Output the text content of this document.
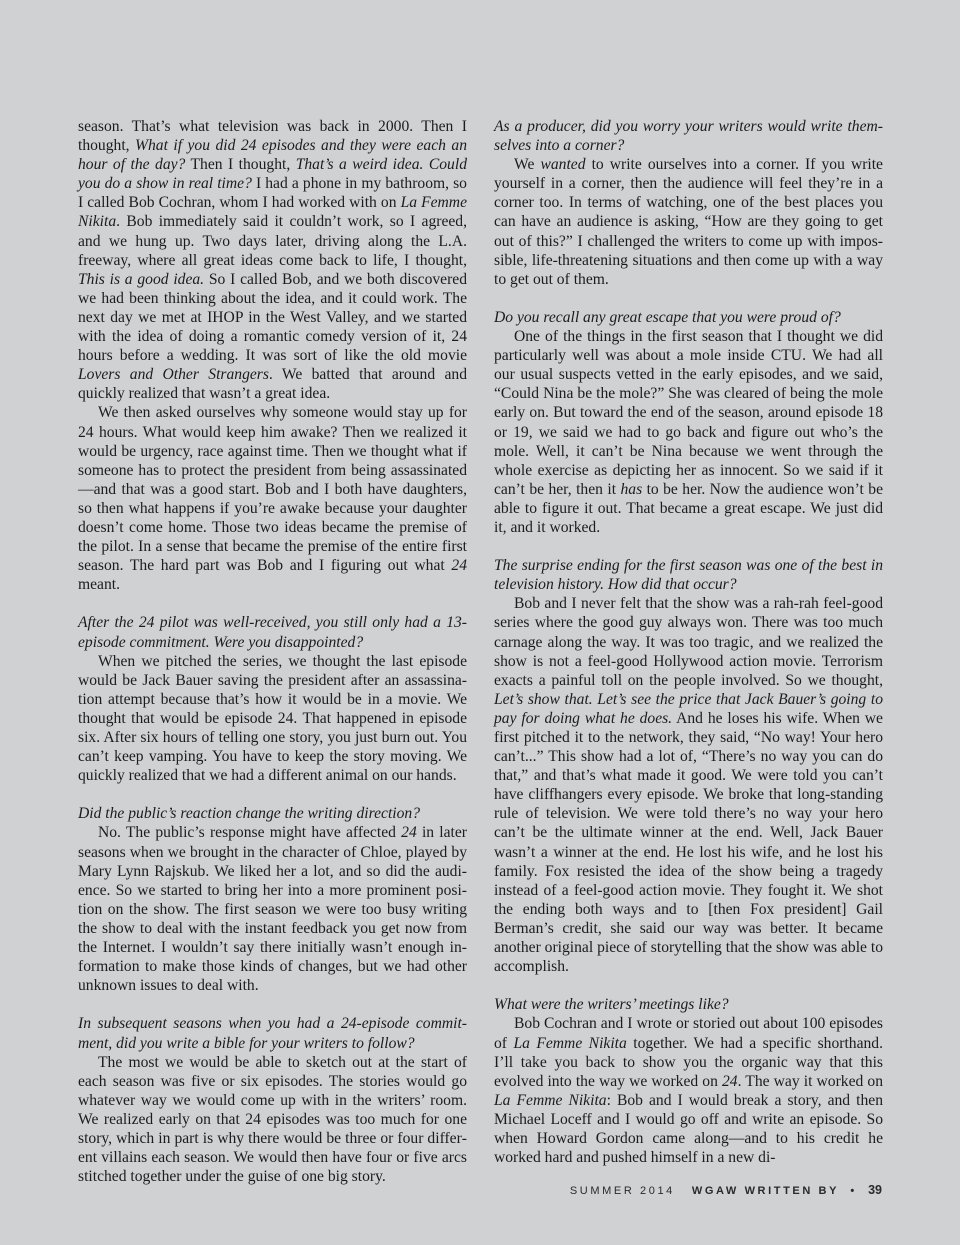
season. That’s what television was back in 2000. Then I thought, What if you did 24 episodes and they were each an hour of the day? Then I thought, That’s a weird idea. Could you do a show in real time? I had a phone in my bathroom, so I called Bob Cochran, whom I had worked with on La Femme Nikita. Bob immediately said it couldn’t work, so I agreed, and we hung up. Two days later, driving along the L.A. freeway, where all great ideas come back to life, I thought, This is a good idea. So I called Bob, and we both discovered we had been thinking about the idea, and it could work. The next day we met at IHOP in the West Valley, and we started with the idea of doing a romantic comedy version of it, 24 hours before a wedding. It was sort of like the old movie Lovers and Other Strangers. We batted that around and quickly realized that wasn’t a great idea.

We then asked ourselves why someone would stay up for 24 hours. What would keep him awake? Then we realized it would be urgency, race against time. Then we thought what if someone has to protect the president from being assassinated—and that was a good start. Bob and I both have daughters, so then what happens if you’re awake because your daughter doesn’t come home. Those two ideas became the premise of the pilot. In a sense that became the premise of the entire first season. The hard part was Bob and I figuring out what 24 meant.

After the 24 pilot was well-received, you still only had a 13-episode commitment. Were you disappointed?

When we pitched the series, we thought the last episode would be Jack Bauer saving the president after an assassination attempt because that’s how it would be in a movie. We thought that would be episode 24. That happened in episode six. After six hours of telling one story, you just burn out. You can’t keep vamping. You have to keep the story moving. We quickly realized that we had a different animal on our hands.

Did the public’s reaction change the writing direction?

No. The public’s response might have affected 24 in later seasons when we brought in the character of Chloe, played by Mary Lynn Rajskub. We liked her a lot, and so did the audience. So we started to bring her into a more prominent position on the show. The first season we were too busy writing the show to deal with the instant feedback you get now from the Internet. I wouldn’t say there initially wasn’t enough information to make those kinds of changes, but we had other unknown issues to deal with.

In subsequent seasons when you had a 24-episode commitment, did you write a bible for your writers to follow?

The most we would be able to sketch out at the start of each season was five or six episodes. The stories would go whatever way we would come up with in the writers’ room. We realized early on that 24 episodes was too much for one story, which in part is why there would be three or four different villains each season. We would then have four or five arcs stitched together under the guise of one big story.

As a producer, did you worry your writers would write themselves into a corner?

We wanted to write ourselves into a corner. If you write yourself in a corner, then the audience will feel they’re in a corner too. In terms of watching, one of the best places you can have an audience is asking, “How are they going to get out of this?” I challenged the writers to come up with impossible, life-threatening situations and then come up with a way to get out of them.

Do you recall any great escape that you were proud of?

One of the things in the first season that I thought we did particularly well was about a mole inside CTU. We had all our usual suspects vetted in the early episodes, and we said, “Could Nina be the mole?” She was cleared of being the mole early on. But toward the end of the season, around episode 18 or 19, we said we had to go back and figure out who’s the mole. Well, it can’t be Nina because we went through the whole exercise as depicting her as innocent. So we said if it can’t be her, then it has to be her. Now the audience won’t be able to figure it out. That became a great escape. We just did it, and it worked.

The surprise ending for the first season was one of the best in television history. How did that occur?

Bob and I never felt that the show was a rah-rah feel-good series where the good guy always won. There was too much carnage along the way. It was too tragic, and we realized the show is not a feel-good Hollywood action movie. Terrorism exacts a painful toll on the people involved. So we thought, Let’s show that. Let’s see the price that Jack Bauer’s going to pay for doing what he does. And he loses his wife. When we first pitched it to the network, they said, “No way! Your hero can’t...” This show had a lot of, “There’s no way you can do that,” and that’s what made it good. We were told you can’t have cliffhangers every episode. We broke that long-standing rule of television. We were told there’s no way your hero can’t be the ultimate winner at the end. Well, Jack Bauer wasn’t a winner at the end. He lost his wife, and he lost his family. Fox resisted the idea of the show being a tragedy instead of a feel-good action movie. They fought it. We shot the ending both ways and to [then Fox president] Gail Berman’s credit, she said our way was better. It became another original piece of storytelling that the show was able to accomplish.

What were the writers’ meetings like?

Bob Cochran and I wrote or storied out about 100 episodes of La Femme Nikita together. We had a specific shorthand. I’ll take you back to show you the organic way that this evolved into the way we worked on 24. The way it worked on La Femme Nikita: Bob and I would break a story, and then Michael Loceff and I would go off and write an episode. So when Howard Gordon came along—and to his credit he worked hard and pushed himself in a new di-

SUMMER 2014 WGAW WRITTEN BY • 39
